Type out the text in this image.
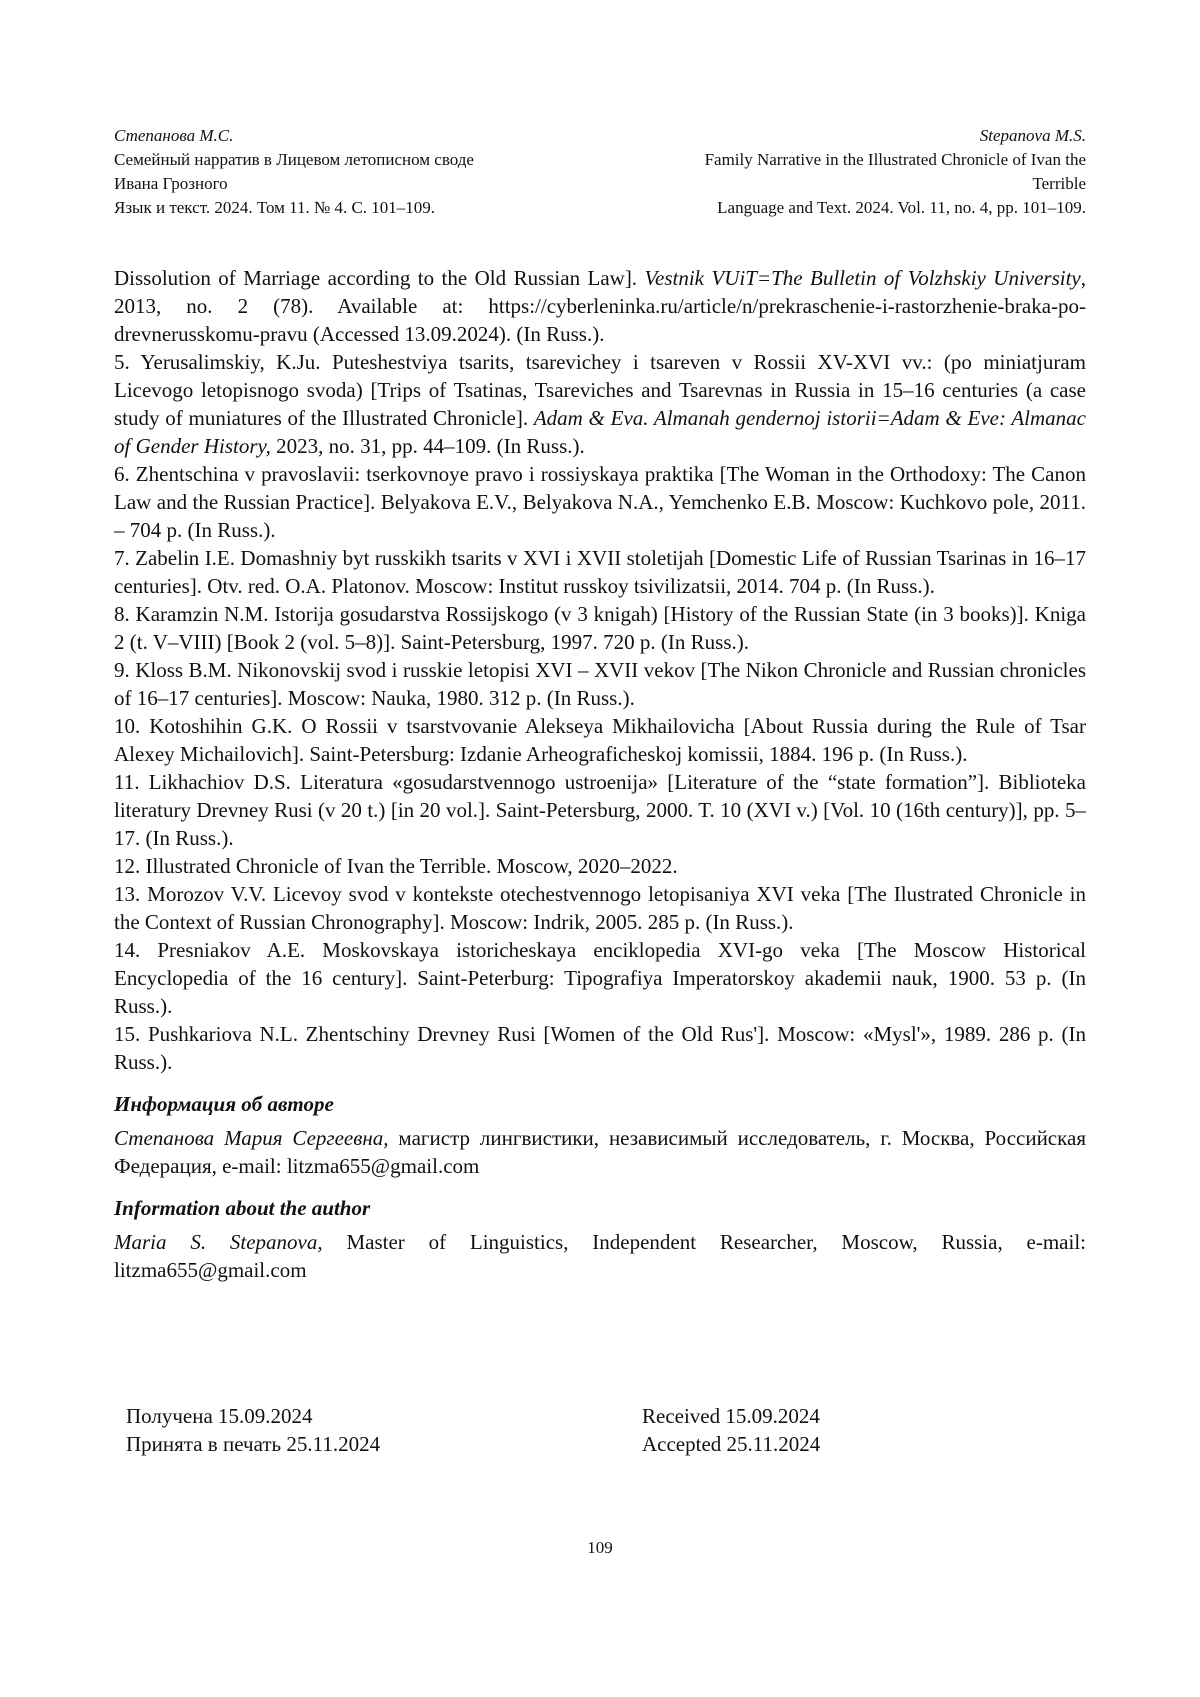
Степанова М.С.
Семейный нарратив в Лицевом летописном своде
Ивана Грозного
Язык и текст. 2024. Том 11. № 4. С. 101–109.
Stepanova M.S.
Family Narrative in the Illustrated Chronicle of Ivan the
Terrible
Language and Text. 2024. Vol. 11, no. 4, pp. 101–109.

Dissolution of Marriage according to the Old Russian Law]. Vestnik VUiT=The Bulletin of Volzhskiy University, 2013, no. 2 (78). Available at: https://cyberleninka.ru/article/n/prekraschenie-i-rastorzhenie-braka-po-drevnerusskomu-pravu (Accessed 13.09.2024). (In Russ.).

5. Yerusalimskiy, K.Ju. Puteshestviya tsarits, tsarevichey i tsareven v Rossii XV-XVI vv.: (po miniatjuram Licevogo letopisnogo svoda) [Trips of Tsatinas, Tsareviches and Tsarevnas in Russia in 15–16 centuries (a case study of muniatures of the Illustrated Chronicle]. Adam & Eva. Almanah gendernoj istorii=Adam & Eve: Almanac of Gender History, 2023, no. 31, pp. 44–109. (In Russ.).

6. Zhentschina v pravoslavii: tserkovnoye pravo i rossiyskaya praktika [The Woman in the Orthodoxy: The Canon Law and the Russian Practice]. Belyakova E.V., Belyakova N.A., Yemchenko E.B. Moscow: Kuchkovo pole, 2011. – 704 p. (In Russ.).

7. Zabelin I.E. Domashniy byt russkikh tsarits v XVI i XVII stoletijah [Domestic Life of Russian Tsarinas in 16–17 centuries]. Otv. red. O.A. Platonov. Moscow: Institut russkoy tsivilizatsii, 2014. 704 p. (In Russ.).

8. Karamzin N.M. Istorija gosudarstva Rossijskogo (v 3 knigah) [History of the Russian State (in 3 books)]. Kniga 2 (t. V–VIII) [Book 2 (vol. 5–8)]. Saint-Petersburg, 1997. 720 p. (In Russ.).

9. Kloss B.M. Nikonovskij svod i russkie letopisi XVI – XVII vekov [The Nikon Chronicle and Russian chronicles of 16–17 centuries]. Moscow: Nauka, 1980. 312 p. (In Russ.).

10. Kotoshihin G.K. O Rossii v tsarstvovanie Alekseya Mikhailovicha [About Russia during the Rule of Tsar Alexey Michailovich]. Saint-Petersburg: Izdanie Arheograficheskoj komissii, 1884. 196 p. (In Russ.).

11. Likhachiov D.S. Literatura «gosudarstvennogo ustroenija» [Literature of the “state formation”]. Biblioteka literatury Drevney Rusi (v 20 t.) [in 20 vol.]. Saint-Petersburg, 2000. T. 10 (XVI v.) [Vol. 10 (16th century)], pp. 5–17. (In Russ.).

12. Illustrated Chronicle of Ivan the Terrible. Moscow, 2020–2022.

13. Morozov V.V. Licevoy svod v kontekste otechestvennogo letopisaniya XVI veka [The Ilustrated Chronicle in the Context of Russian Chronography]. Moscow: Indrik, 2005. 285 p. (In Russ.).

14. Presniakov A.E. Moskovskaya istoricheskaya enciklopedia XVI-go veka [The Moscow Historical Encyclopedia of the 16 century]. Saint-Peterburg: Tipografiya Imperatorskoy akademii nauk, 1900. 53 p. (In Russ.).

15. Pushkariova N.L. Zhentschiny Drevney Rusi [Women of the Old Rus']. Moscow: «Mysl'», 1989. 286 p. (In Russ.).

Информация об авторе

Степанова Мария Сергеевна, магистр лингвистики, независимый исследователь, г. Москва, Российская Федерация, e-mail: litzma655@gmail.com

Information about the author

Maria S. Stepanova, Master of Linguistics, Independent Researcher, Moscow, Russia, e-mail: litzma655@gmail.com

Получена 15.09.2024
Принята в печать 25.11.2024
Received 15.09.2024
Accepted 25.11.2024
109
